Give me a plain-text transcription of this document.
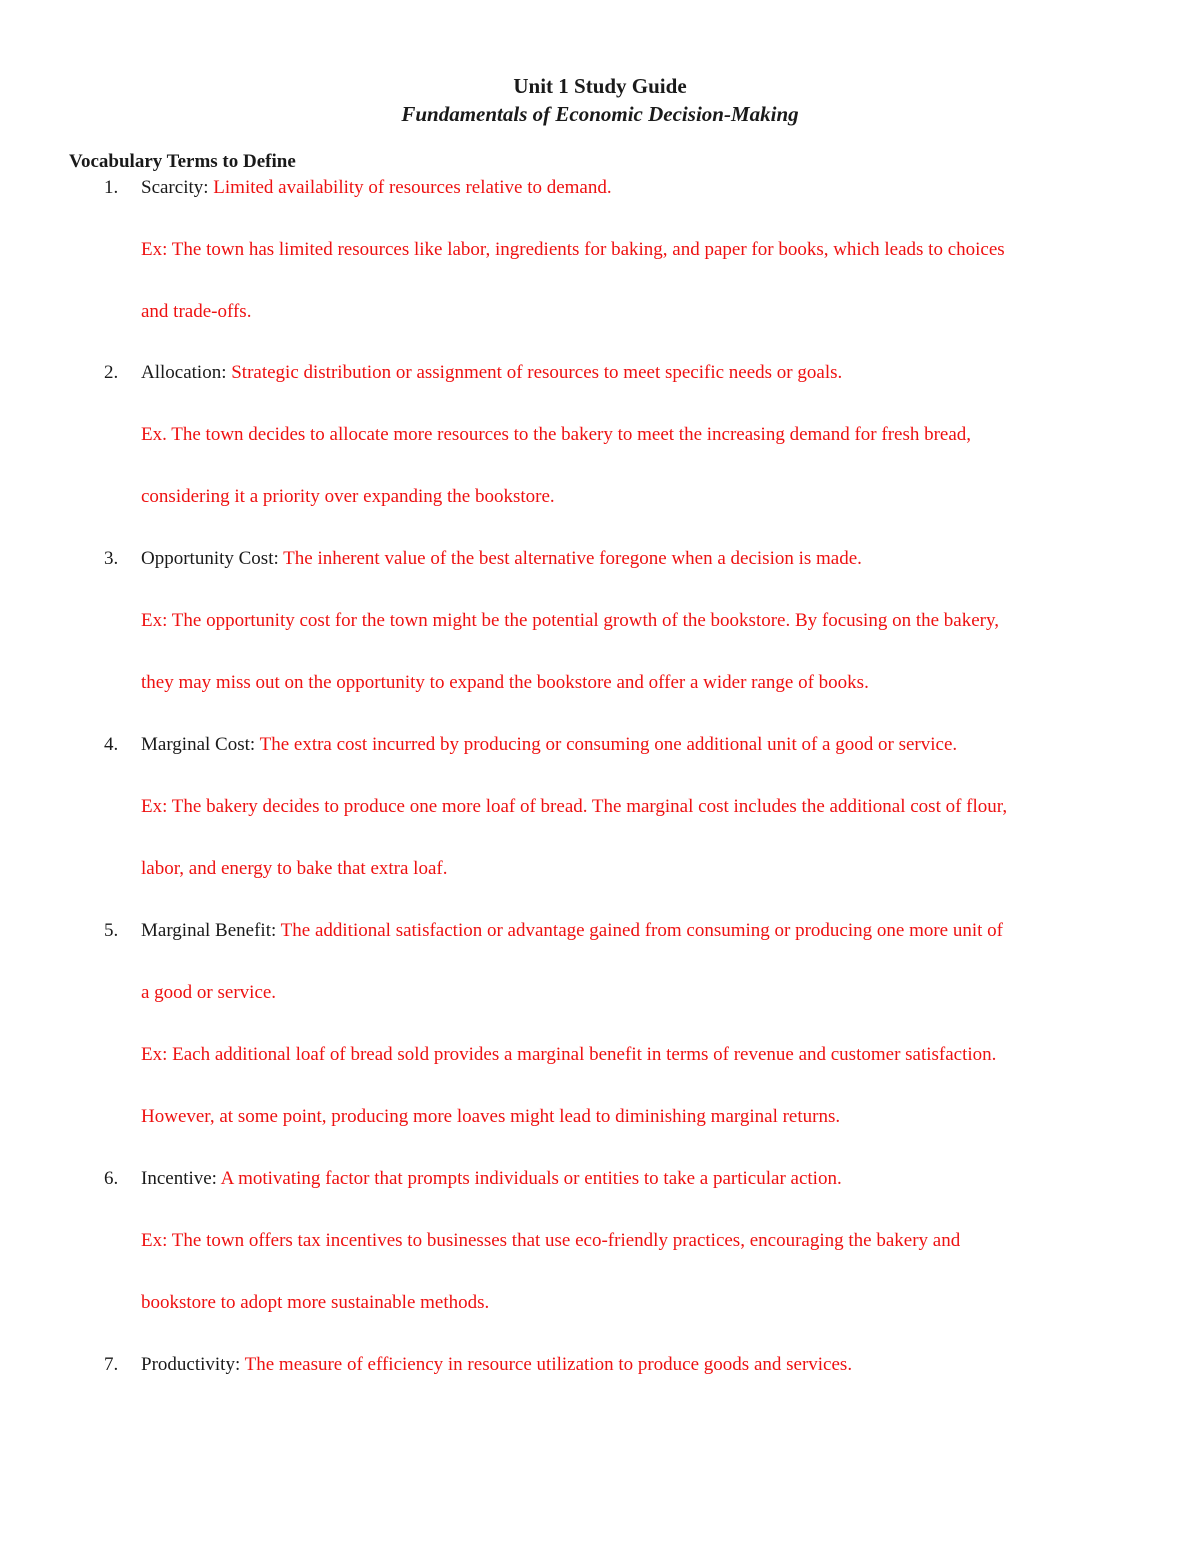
Unit 1 Study Guide
Fundamentals of Economic Decision-Making
Vocabulary Terms to Define
1.	Scarcity: Limited availability of resources relative to demand.
Ex: The town has limited resources like labor, ingredients for baking, and paper for books, which leads to choices
and trade-offs.
2.	Allocation: Strategic distribution or assignment of resources to meet specific needs or goals.
Ex. The town decides to allocate more resources to the bakery to meet the increasing demand for fresh bread,
considering it a priority over expanding the bookstore.
3.	Opportunity Cost: The inherent value of the best alternative foregone when a decision is made.
Ex: The opportunity cost for the town might be the potential growth of the bookstore. By focusing on the bakery,
they may miss out on the opportunity to expand the bookstore and offer a wider range of books.
4.	Marginal Cost: The extra cost incurred by producing or consuming one additional unit of a good or service.
Ex: The bakery decides to produce one more loaf of bread. The marginal cost includes the additional cost of flour,
labor, and energy to bake that extra loaf.
5.	Marginal Benefit: The additional satisfaction or advantage gained from consuming or producing one more unit of
a good or service.
Ex: Each additional loaf of bread sold provides a marginal benefit in terms of revenue and customer satisfaction.
However, at some point, producing more loaves might lead to diminishing marginal returns.
6.	Incentive: A motivating factor that prompts individuals or entities to take a particular action.
Ex: The town offers tax incentives to businesses that use eco-friendly practices, encouraging the bakery and
bookstore to adopt more sustainable methods.
7.	Productivity: The measure of efficiency in resource utilization to produce goods and services.
